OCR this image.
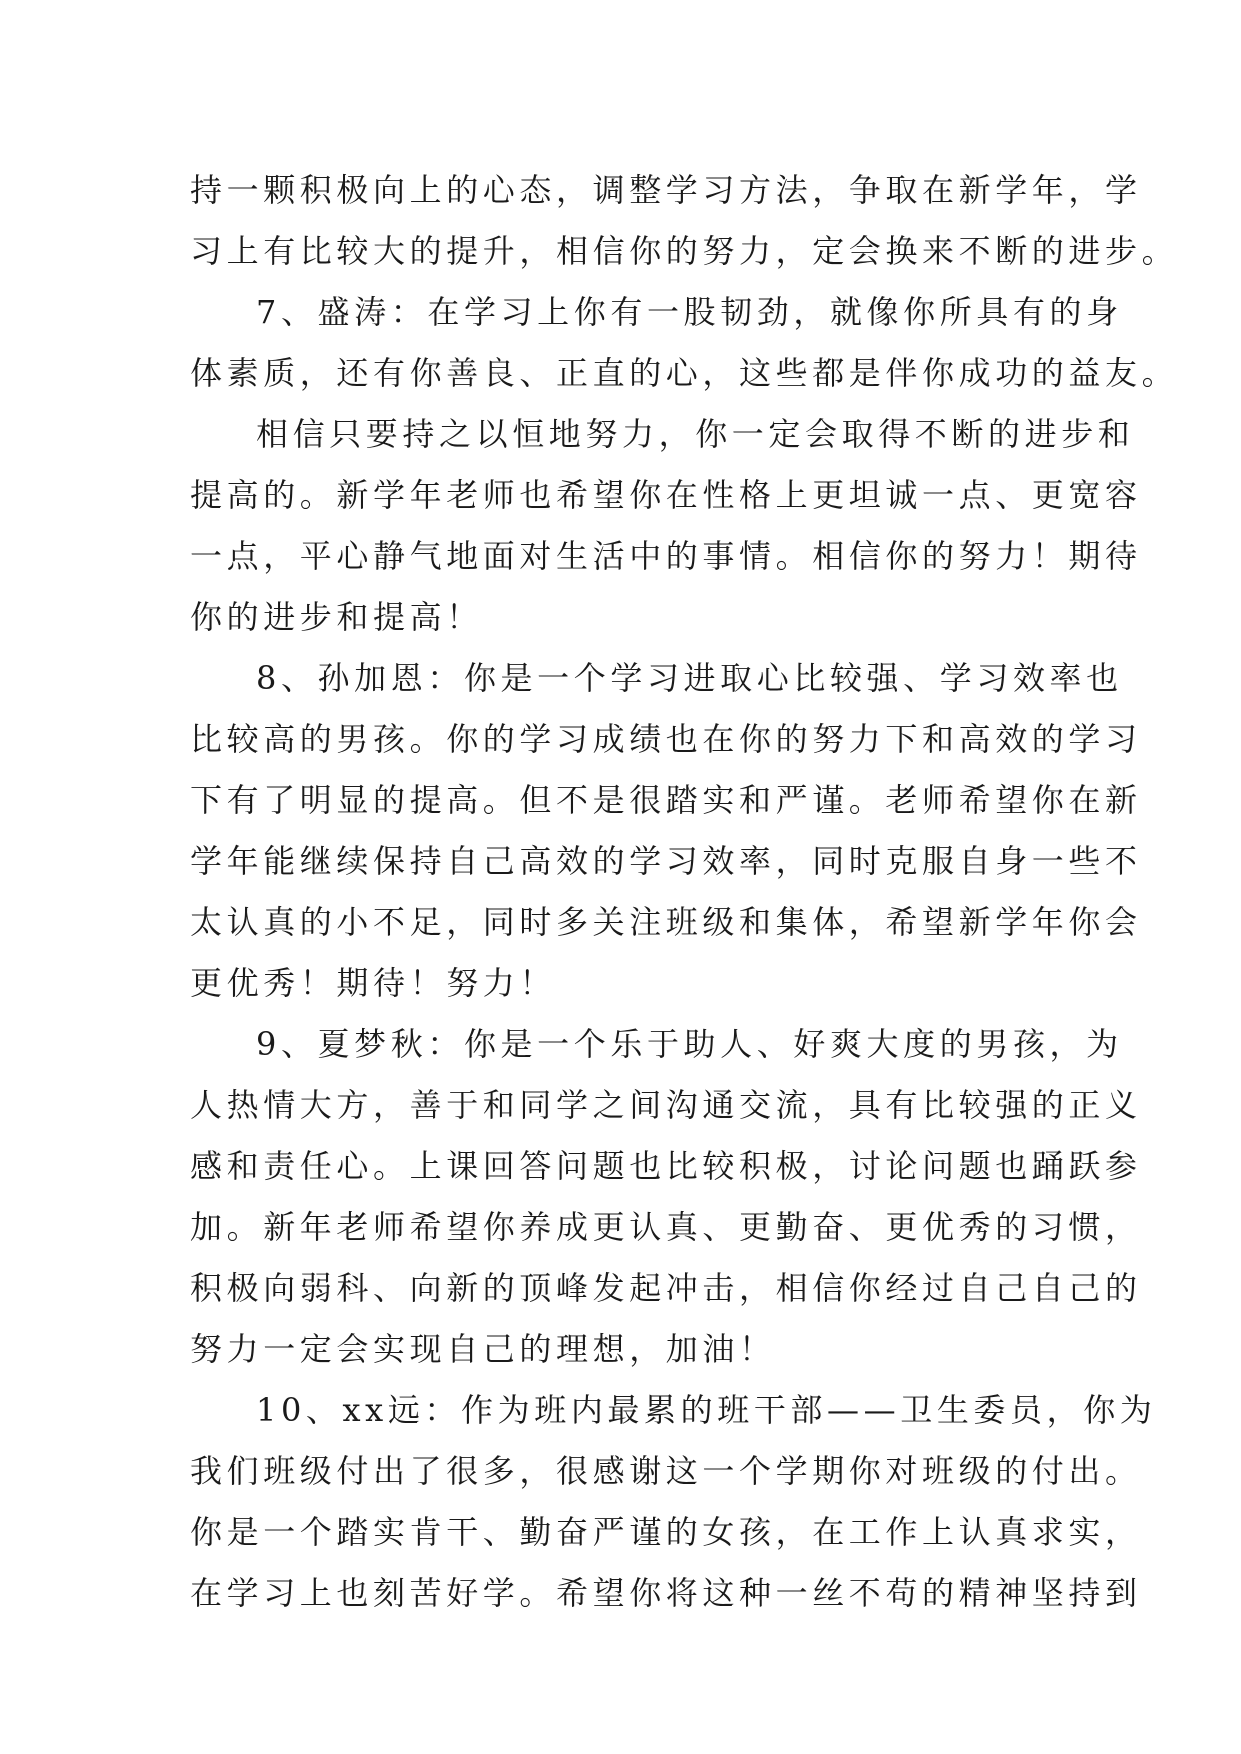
持一颗积极向上的心态，调整学习方法，争取在新学年，学
习上有比较大的提升，相信你的努力，定会换来不断的进步。
7、盛涛：在学习上你有一股韧劲，就像你所具有的身
体素质，还有你善良、正直的心，这些都是伴你成功的益友。
相信只要持之以恒地努力，你一定会取得不断的进步和
提高的。新学年老师也希望你在性格上更坦诚一点、更宽容
一点，平心静气地面对生活中的事情。相信你的努力！期待
你的进步和提高！
8、孙加恩：你是一个学习进取心比较强、学习效率也
比较高的男孩。你的学习成绩也在你的努力下和高效的学习
下有了明显的提高。但不是很踏实和严谨。老师希望你在新
学年能继续保持自己高效的学习效率，同时克服自身一些不
太认真的小不足，同时多关注班级和集体，希望新学年你会
更优秀！期待！努力！
9、夏梦秋：你是一个乐于助人、好爽大度的男孩，为
人热情大方，善于和同学之间沟通交流，具有比较强的正义
感和责任心。上课回答问题也比较积极，讨论问题也踊跃参
加。新年老师希望你养成更认真、更勤奋、更优秀的习惯，
积极向弱科、向新的顶峰发起冲击，相信你经过自己自己的
努力一定会实现自己的理想，加油！
10、xx远：作为班内最累的班干部——卫生委员，你为
我们班级付出了很多，很感谢这一个学期你对班级的付出。
你是一个踏实肯干、勤奋严谨的女孩，在工作上认真求实，
在学习上也刻苦好学。希望你将这种一丝不苟的精神坚持到
